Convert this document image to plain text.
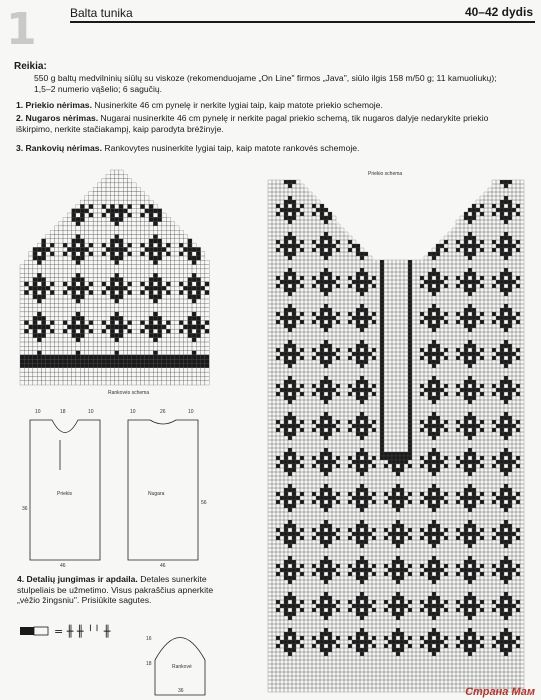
1	Balta tunika	40–42 dydis
Reikia:
550 g baltų medvilninių siūlų su viskoze (rekomenduojame „On Line" firmos „Java", siūlo ilgis 158 m/50 g; 11 kamuoliukų); 1,5–2 numerio vąšelio; 6 sagučių.
1. Priekio nėrimas. Nusinerkite 46 cm pynelę ir nerkite lygiai taip, kaip matote priekio schemoje.
2. Nugaros nėrimas. Nugarai nusinerkite 46 cm pynelę ir nerkite pagal priekio schemą, tik nugaros dalyje nedarykite priekio iškirpimo, nerkite stačiakampį, kaip parodyta brėžinyje.
3. Rankovių nėrimas. Rankovytes nusinerkite lygiai taip, kaip matote rankovės schemoje.
4. Detalių jungimas ir apdaila. Detales sunerkite stulpeliais be užmetimo. Visus pakraščius apnerkite „vėžio žingsniu". Prisiūkite sagutes.
Rankovės schema
Priekio schema
Priekis	Nugara
Rankovė
10	18	10
36
46
10	26	10
56
46
16
18
36
= ╫ ╫ ╵╵ ╫
Страна Мам
